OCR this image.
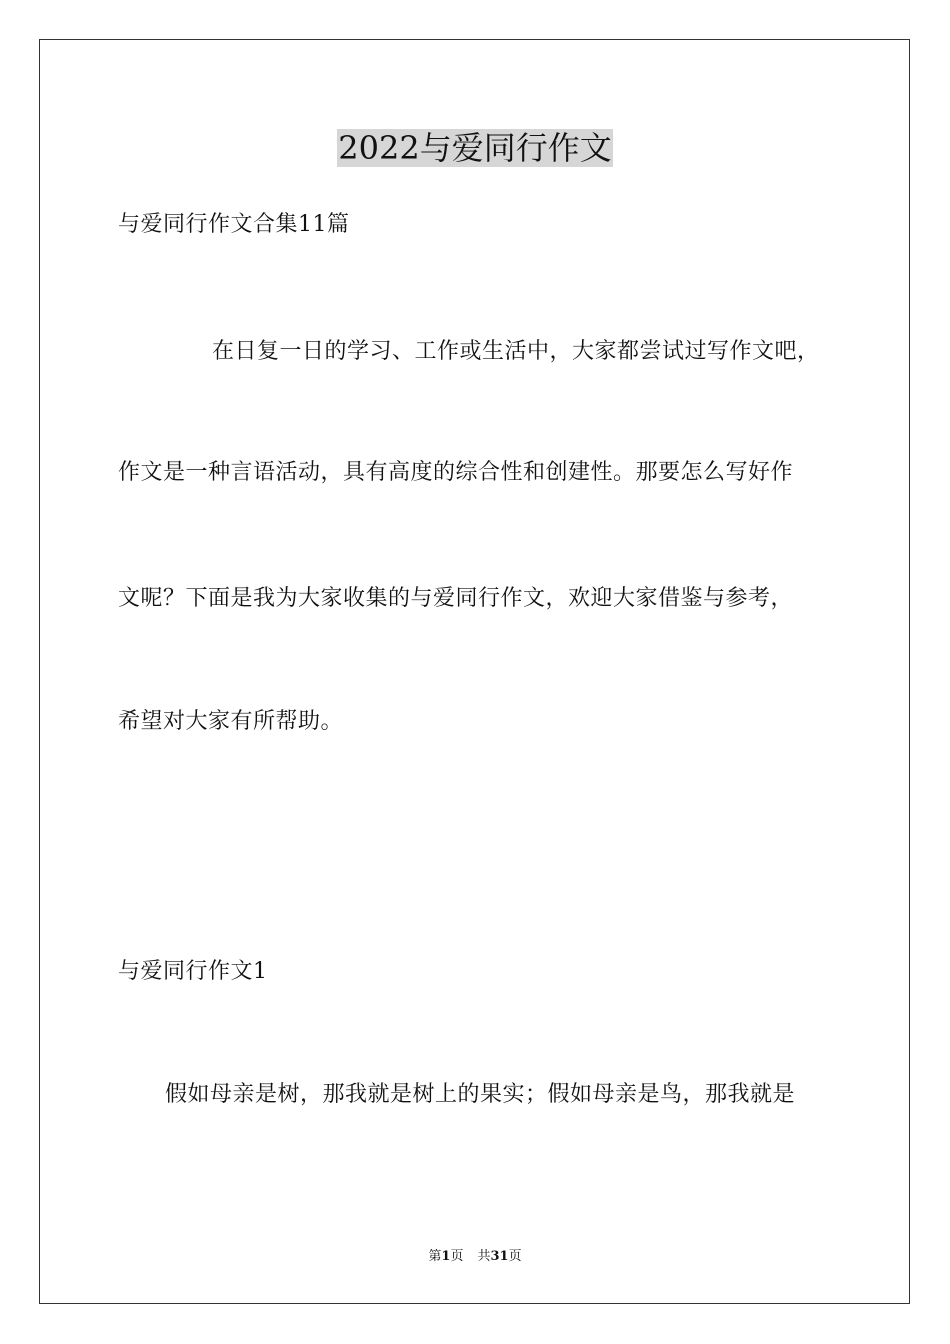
2022与爱同行作文
与爱同行作文合集11篇
在日复一日的学习、工作或生活中，大家都尝试过写作文吧，
作文是一种言语活动，具有高度的综合性和创建性。那要怎么写好作
文呢？下面是我为大家收集的与爱同行作文，欢迎大家借鉴与参考，
希望对大家有所帮助。
与爱同行作文1
假如母亲是树，那我就是树上的果实；假如母亲是鸟，那我就是
第1页 共31页
